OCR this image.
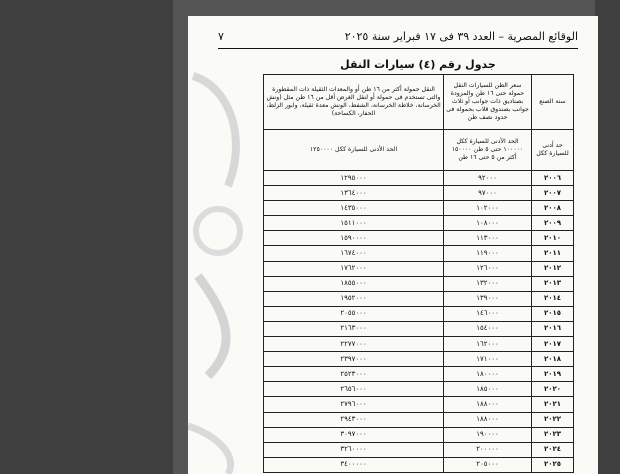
٧	الوقائع المصرية – العدد ٣٩ فى ١٧ فبراير سنة ٢٠٢٥
جدول رقم (٤) سيارات النقل
سنة الصنع	سعر الطن للسيارات النقل حمولة حتى ١٦ طن والمزودة بصناديق ذات جوانب أو ثلاث جوانب بصندوق قلاب بحمولة فى حدود نصف طن	النقل حمولة أكثر من ١٦ طن أو والمعدات الثقيلة ذات المقطورة والتى تستخدم فى حمولة أو لنقل الغرض أقل من ١٦ طن مثل (ونش الخرسانة، خلاطة الخرسانة، الشفط، الونش معدة ثقيلة، وابور الزلط، الحفار، الكساحة)
حد أدنى للسيارة ككل	الحد الأدنى للسيارة ككل ١٠٠٠٠٠ حتى ٥ طن ١٥٠٠٠٠ أكثر من ٥ حتى ١٦ طن	الحد الأدنى للسيارة ككل ١٢٥٠٠٠٠
٢٠٠٦	٩٢٠٠٠	١٢٩٥٠٠٠
٢٠٠٧	٩٧٠٠٠	١٣٦٤٠٠٠
٢٠٠٨	١٠٢٠٠٠	١٤٣٥٠٠٠
٢٠٠٩	١٠٨٠٠٠	١٥١١٠٠٠
٢٠١٠	١١٣٠٠٠	١٥٩٠٠٠٠
٢٠١١	١١٩٠٠٠	١٦٧٤٠٠٠
٢٠١٢	١٢٦٠٠٠	١٧٦٢٠٠٠
٢٠١٣	١٣٢٠٠٠	١٨٥٥٠٠٠
٢٠١٤	١٣٩٠٠٠	١٩٥٢٠٠٠
٢٠١٥	١٤٦٠٠٠	٢٠٥٥٠٠٠
٢٠١٦	١٥٤٠٠٠	٢١٦٣٠٠٠
٢٠١٧	١٦٢٠٠٠	٢٢٧٧٠٠٠
٢٠١٨	١٧١٠٠٠	٢٣٩٧٠٠٠
٢٠١٩	١٨٠٠٠٠	٢٥٢٣٠٠٠
٢٠٢٠	١٨٥٠٠٠	٢٦٥٦٠٠٠
٢٠٢١	١٨٨٠٠٠	٢٧٩٦٠٠٠
٢٠٢٢	١٨٨٠٠٠	٢٩٤٣٠٠٠
٢٠٢٣	١٩٠٠٠٠	٣٠٩٧٠٠٠
٢٠٢٤	٢٠٠٠٠٠	٣٢٦٠٠٠٠
٢٠٢٥	٢٠٥٠٠٠	٣٤٠٠٠٠٠
